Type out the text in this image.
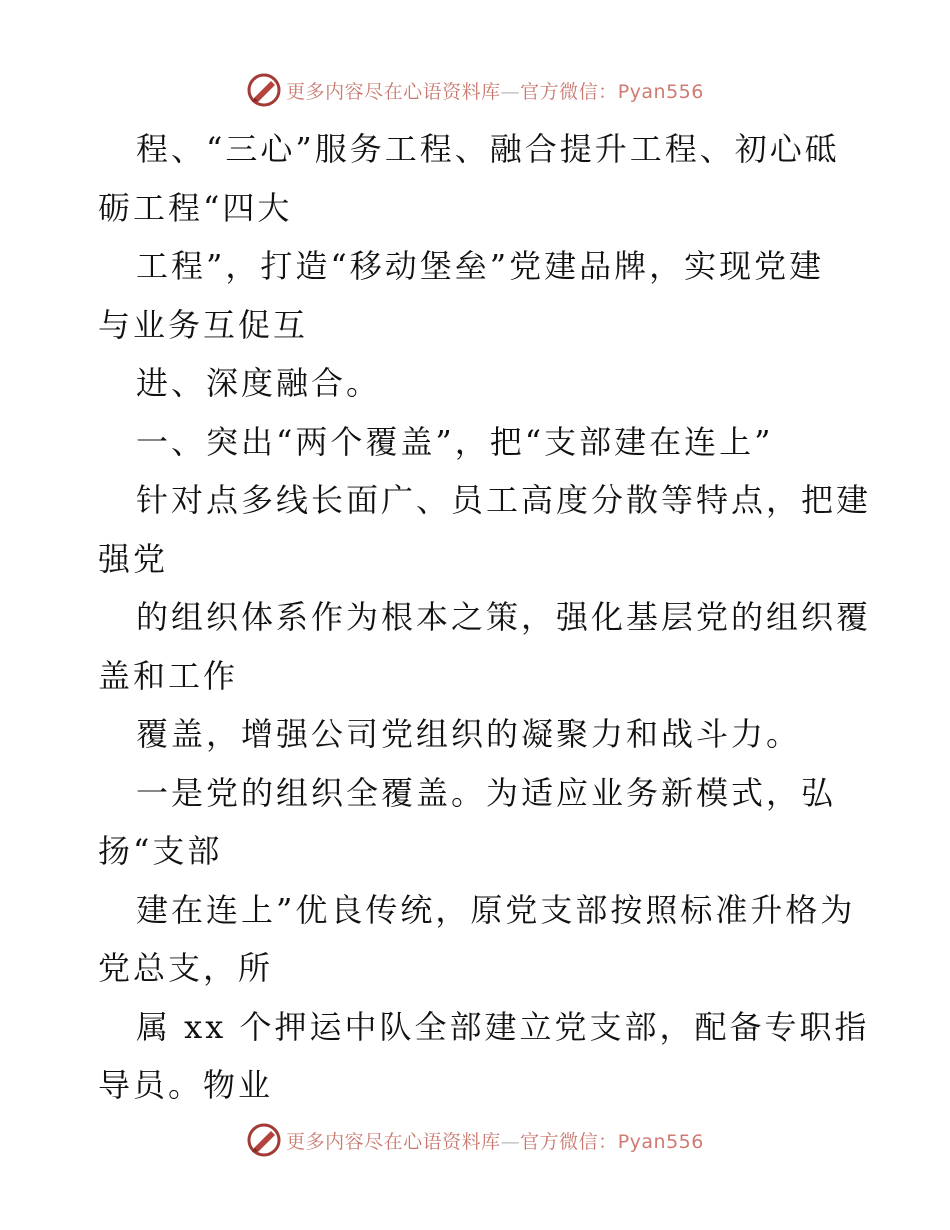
更多内容尽在心语资料库—官方微信：Pyan556
程、“三心”服务工程、融合提升工程、初心砥
砺工程“四大
工程”，打造“移动堡垒”党建品牌，实现党建
与业务互促互
进、深度融合。
一、突出“两个覆盖”，把“支部建在连上”
针对点多线长面广、员工高度分散等特点，把建
强党
的组织体系作为根本之策，强化基层党的组织覆
盖和工作
覆盖，增强公司党组织的凝聚力和战斗力。
一是党的组织全覆盖。为适应业务新模式，弘
扬“支部
建在连上”优良传统，原党支部按照标准升格为
党总支，所
属 xx 个押运中队全部建立党支部，配备专职指
导员。物业
更多内容尽在心语资料库—官方微信：Pyan556
